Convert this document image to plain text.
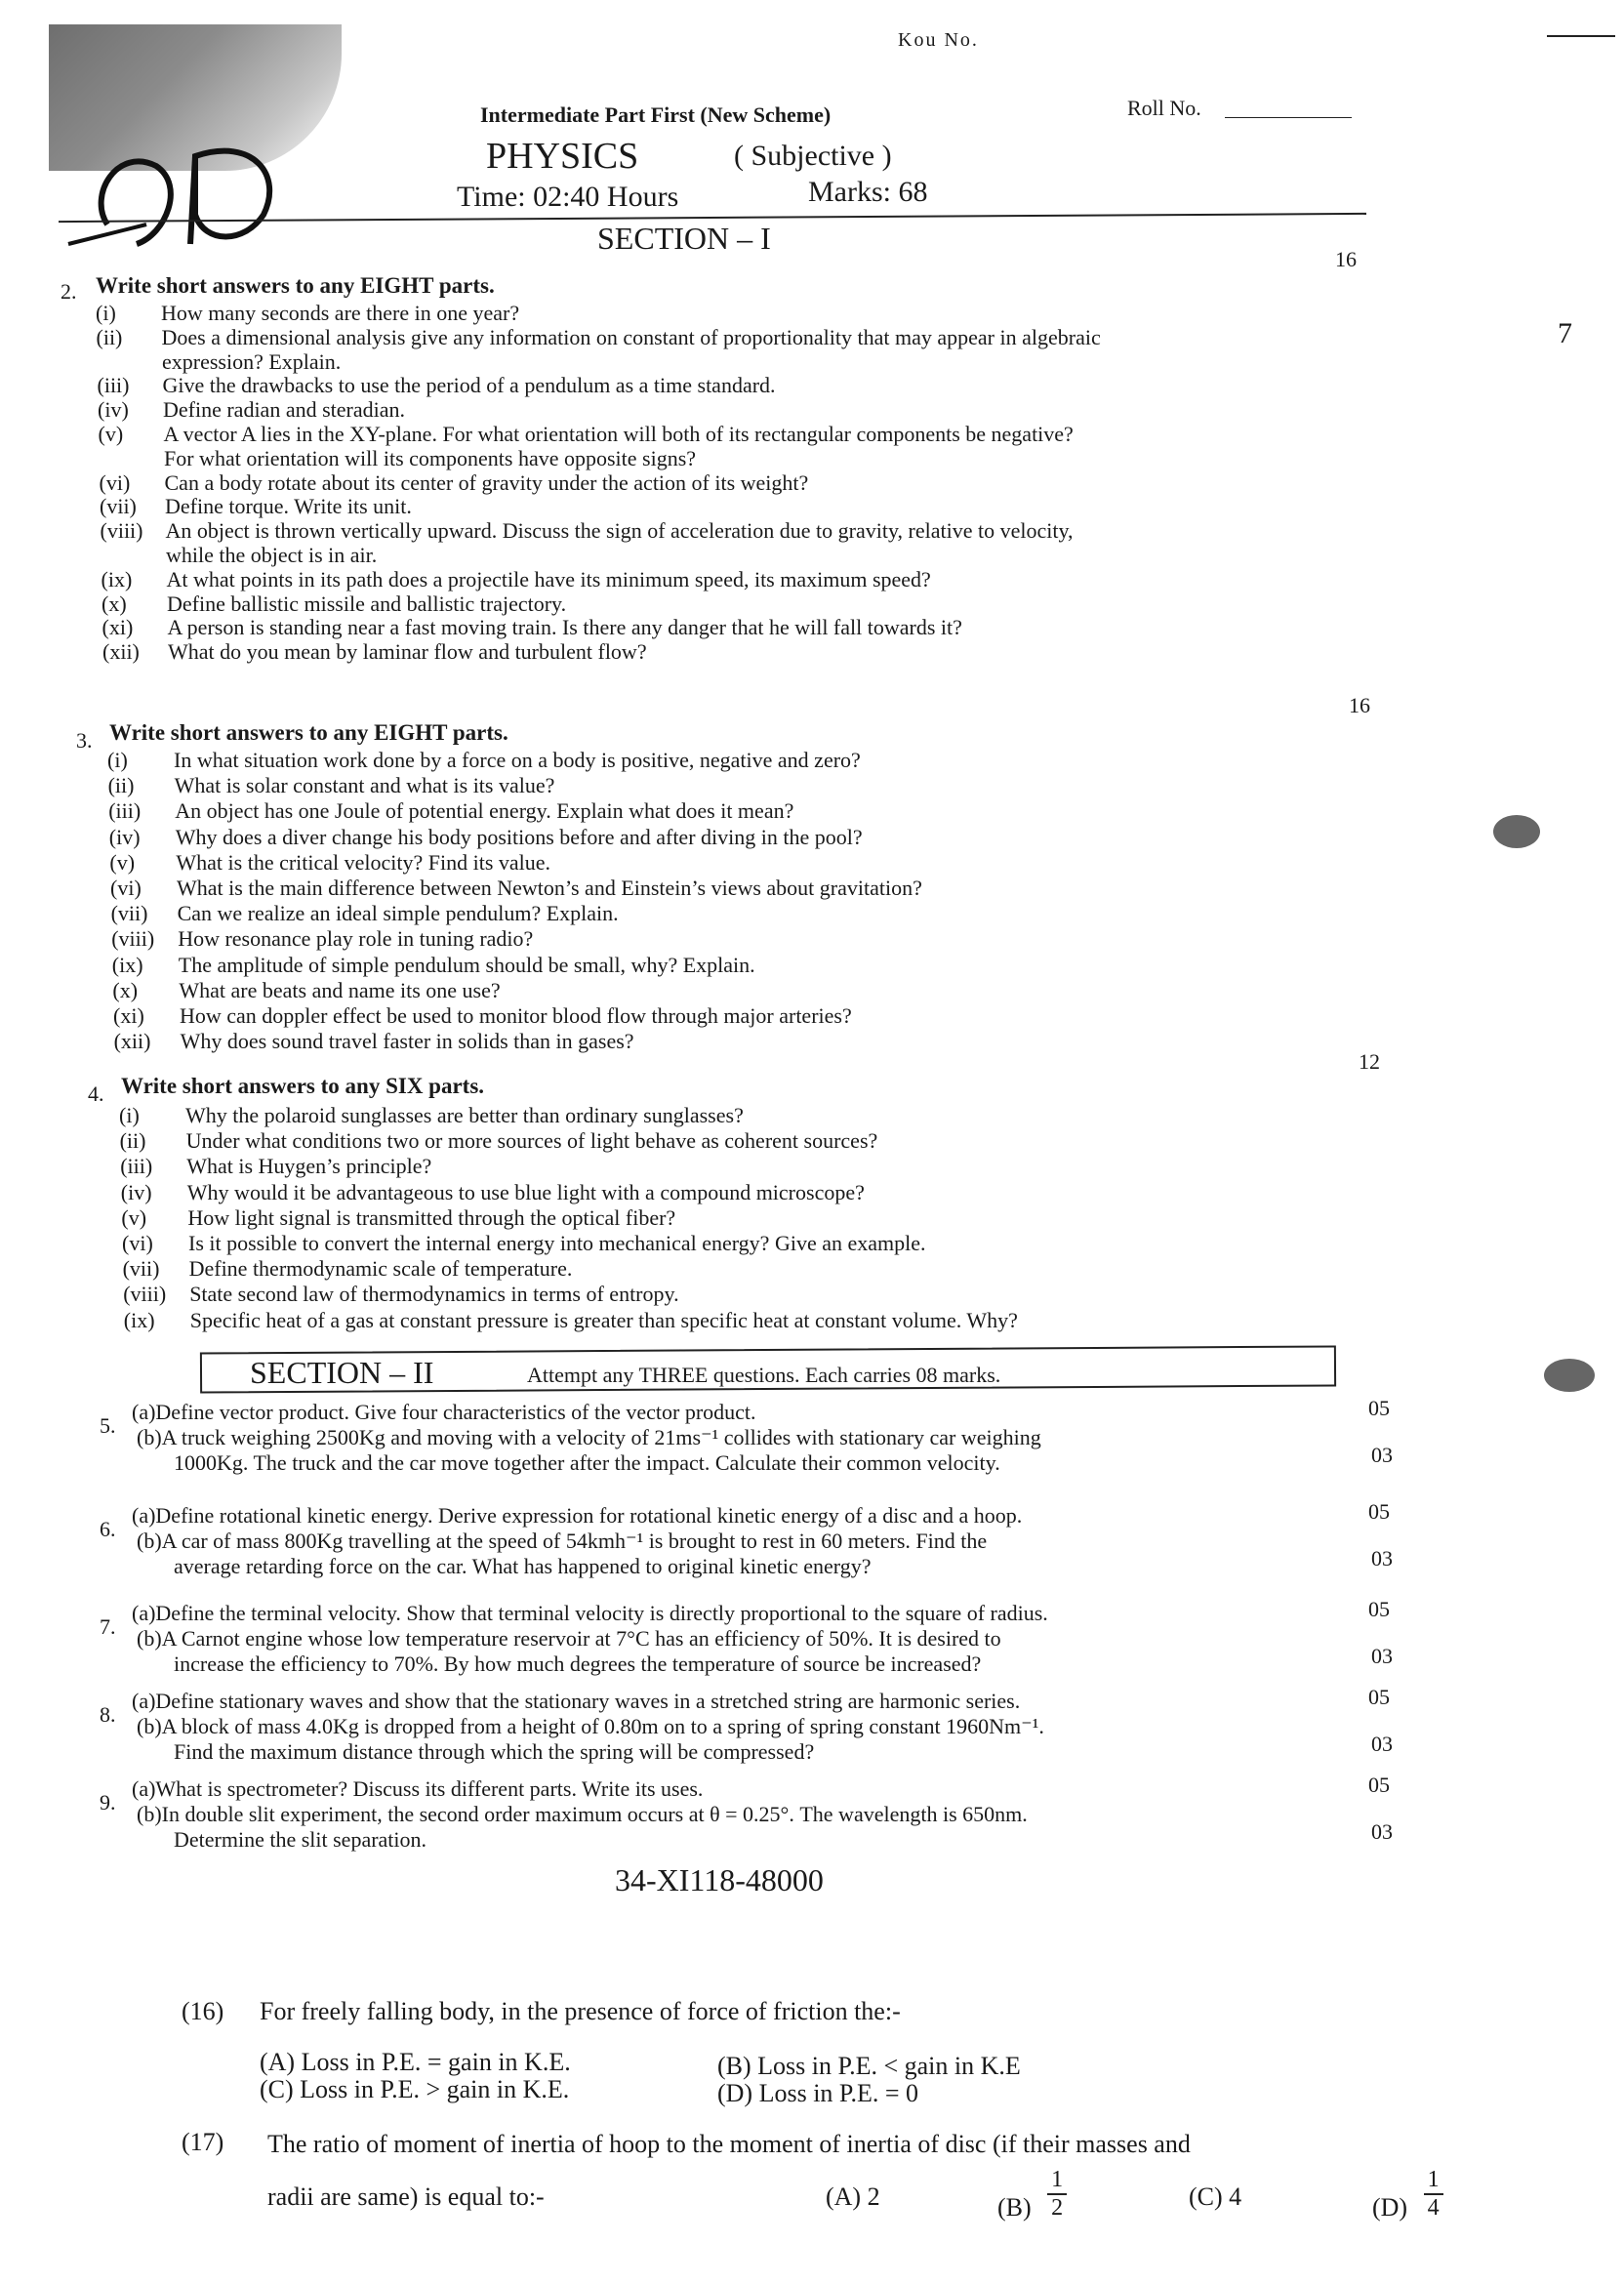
Kou No.
Intermediate Part First (New Scheme)	Roll No.
PHYSICS	( Subjective )
Time: 02:40 Hours	Marks: 68
7
SECTION – I
2. Write short answers to any EIGHT parts.
16
(i)	How many seconds are there in one year?
(ii)	Does a dimensional analysis give any information on constant of proportionality that may appear in algebraic
expression? Explain.
(iii)	Give the drawbacks to use the period of a pendulum as a time standard.
(iv)	Define radian and steradian.
(v)	A vector A lies in the XY-plane. For what orientation will both of its rectangular components be negative?
For what orientation will its components have opposite signs?
(vi)	Can a body rotate about its center of gravity under the action of its weight?
(vii)	Define torque. Write its unit.
(viii)	An object is thrown vertically upward. Discuss the sign of acceleration due to gravity, relative to velocity,
while the object is in air.
(ix)	At what points in its path does a projectile have its minimum speed, its maximum speed?
(x)	Define ballistic missile and ballistic trajectory.
(xi)	A person is standing near a fast moving train. Is there any danger that he will fall towards it?
(xii)	What do you mean by laminar flow and turbulent flow?
3. Write short answers to any EIGHT parts.
16
(i)	In what situation work done by a force on a body is positive, negative and zero?
(ii)	What is solar constant and what is its value?
(iii)	An object has one Joule of potential energy. Explain what does it mean?
(iv)	Why does a diver change his body positions before and after diving in the pool?
(v)	What is the critical velocity? Find its value.
(vi)	What is the main difference between Newton’s and Einstein’s views about gravitation?
(vii)	Can we realize an ideal simple pendulum? Explain.
(viii)	How resonance play role in tuning radio?
(ix)	The amplitude of simple pendulum should be small, why? Explain.
(x)	What are beats and name its one use?
(xi)	How can doppler effect be used to monitor blood flow through major arteries?
(xii)	Why does sound travel faster in solids than in gases?
4. Write short answers to any SIX parts.
12
(i)	Why the polaroid sunglasses are better than ordinary sunglasses?
(ii)	Under what conditions two or more sources of light behave as coherent sources?
(iii)	What is Huygen’s principle?
(iv)	Why would it be advantageous to use blue light with a compound microscope?
(v)	How light signal is transmitted through the optical fiber?
(vi)	Is it possible to convert the internal energy into mechanical energy? Give an example.
(vii)	Define thermodynamic scale of temperature.
(viii)	State second law of thermodynamics in terms of entropy.
(ix)	Specific heat of a gas at constant pressure is greater than specific heat at constant volume. Why?
SECTION – II	Attempt any THREE questions. Each carries 08 marks.
5.
(a)Define vector product. Give four characteristics of the vector product.	05
(b)A truck weighing 2500Kg and moving with a velocity of 21ms⁻¹ collides with stationary car weighing
1000Kg. The truck and the car move together after the impact. Calculate their common velocity.	03
6.
(a)Define rotational kinetic energy. Derive expression for rotational kinetic energy of a disc and a hoop.	05
(b)A car of mass 800Kg travelling at the speed of 54kmh⁻¹ is brought to rest in 60 meters. Find the
average retarding force on the car. What has happened to original kinetic energy?	03
7.
(a)Define the terminal velocity. Show that terminal velocity is directly proportional to the square of radius.	05
(b)A Carnot engine whose low temperature reservoir at 7°C has an efficiency of 50%. It is desired to
increase the efficiency to 70%. By how much degrees the temperature of source be increased?	03
8.
(a)Define stationary waves and show that the stationary waves in a stretched string are harmonic series.	05
(b)A block of mass 4.0Kg is dropped from a height of 0.80m on to a spring of spring constant 1960Nm⁻¹.
Find the maximum distance through which the spring will be compressed?	03
9.
(a)What is spectrometer? Discuss its different parts. Write its uses.	05
(b)In double slit experiment, the second order maximum occurs at θ = 0.25°. The wavelength is 650nm.
Determine the slit separation.	03
34-XI118-48000
(16) For freely falling body, in the presence of force of friction the:-
(A) Loss in P.E. = gain in K.E.	(B) Loss in P.E. < gain in K.E
(C) Loss in P.E. > gain in K.E.	(D) Loss in P.E. = 0
(17) The ratio of moment of inertia of hoop to the moment of inertia of disc (if their masses and
radii are same) is equal to:-	(A) 2	$(B) \frac{1}{2}$	(C) 4	$(D) \frac{1}{4}$
